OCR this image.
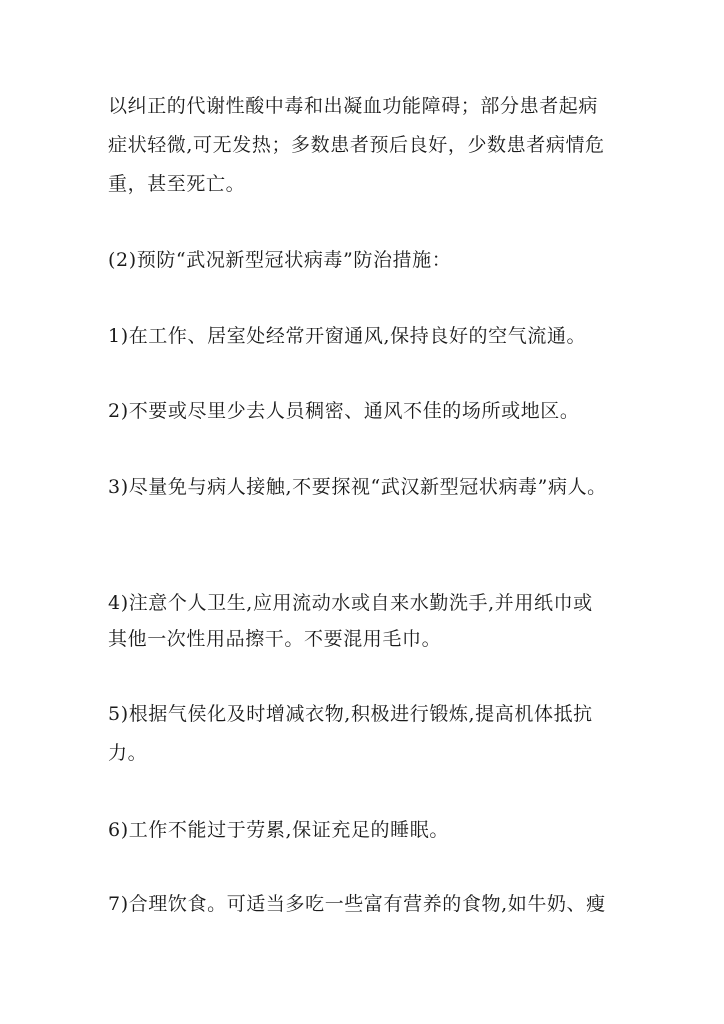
以纠正的代谢性酸中毒和出凝血功能障碍；部分患者起病

症状轻微,可无发热；多数患者预后良好，少数患者病情危

重，甚至死亡。

(2)预防“武况新型冠状病毒”防治措施：

1)在工作、居室处经常开窗通风,保持良好的空气流通。

2)不要或尽里少去人员稠密、通风不佳的场所或地区。

3)尽量免与病人接触,不要探视“武汉新型冠状病毒”病人。

4)注意个人卫生,应用流动水或自来水勤洗手,并用纸巾或

其他一次性用品擦干。不要混用毛巾。

5)根据气侯化及时增减衣物,积极进行锻炼,提高机体抵抗

力。

6)工作不能过于劳累,保证充足的睡眠。

7)合理饮食。可适当多吃一些富有营养的食物,如牛奶、瘦
